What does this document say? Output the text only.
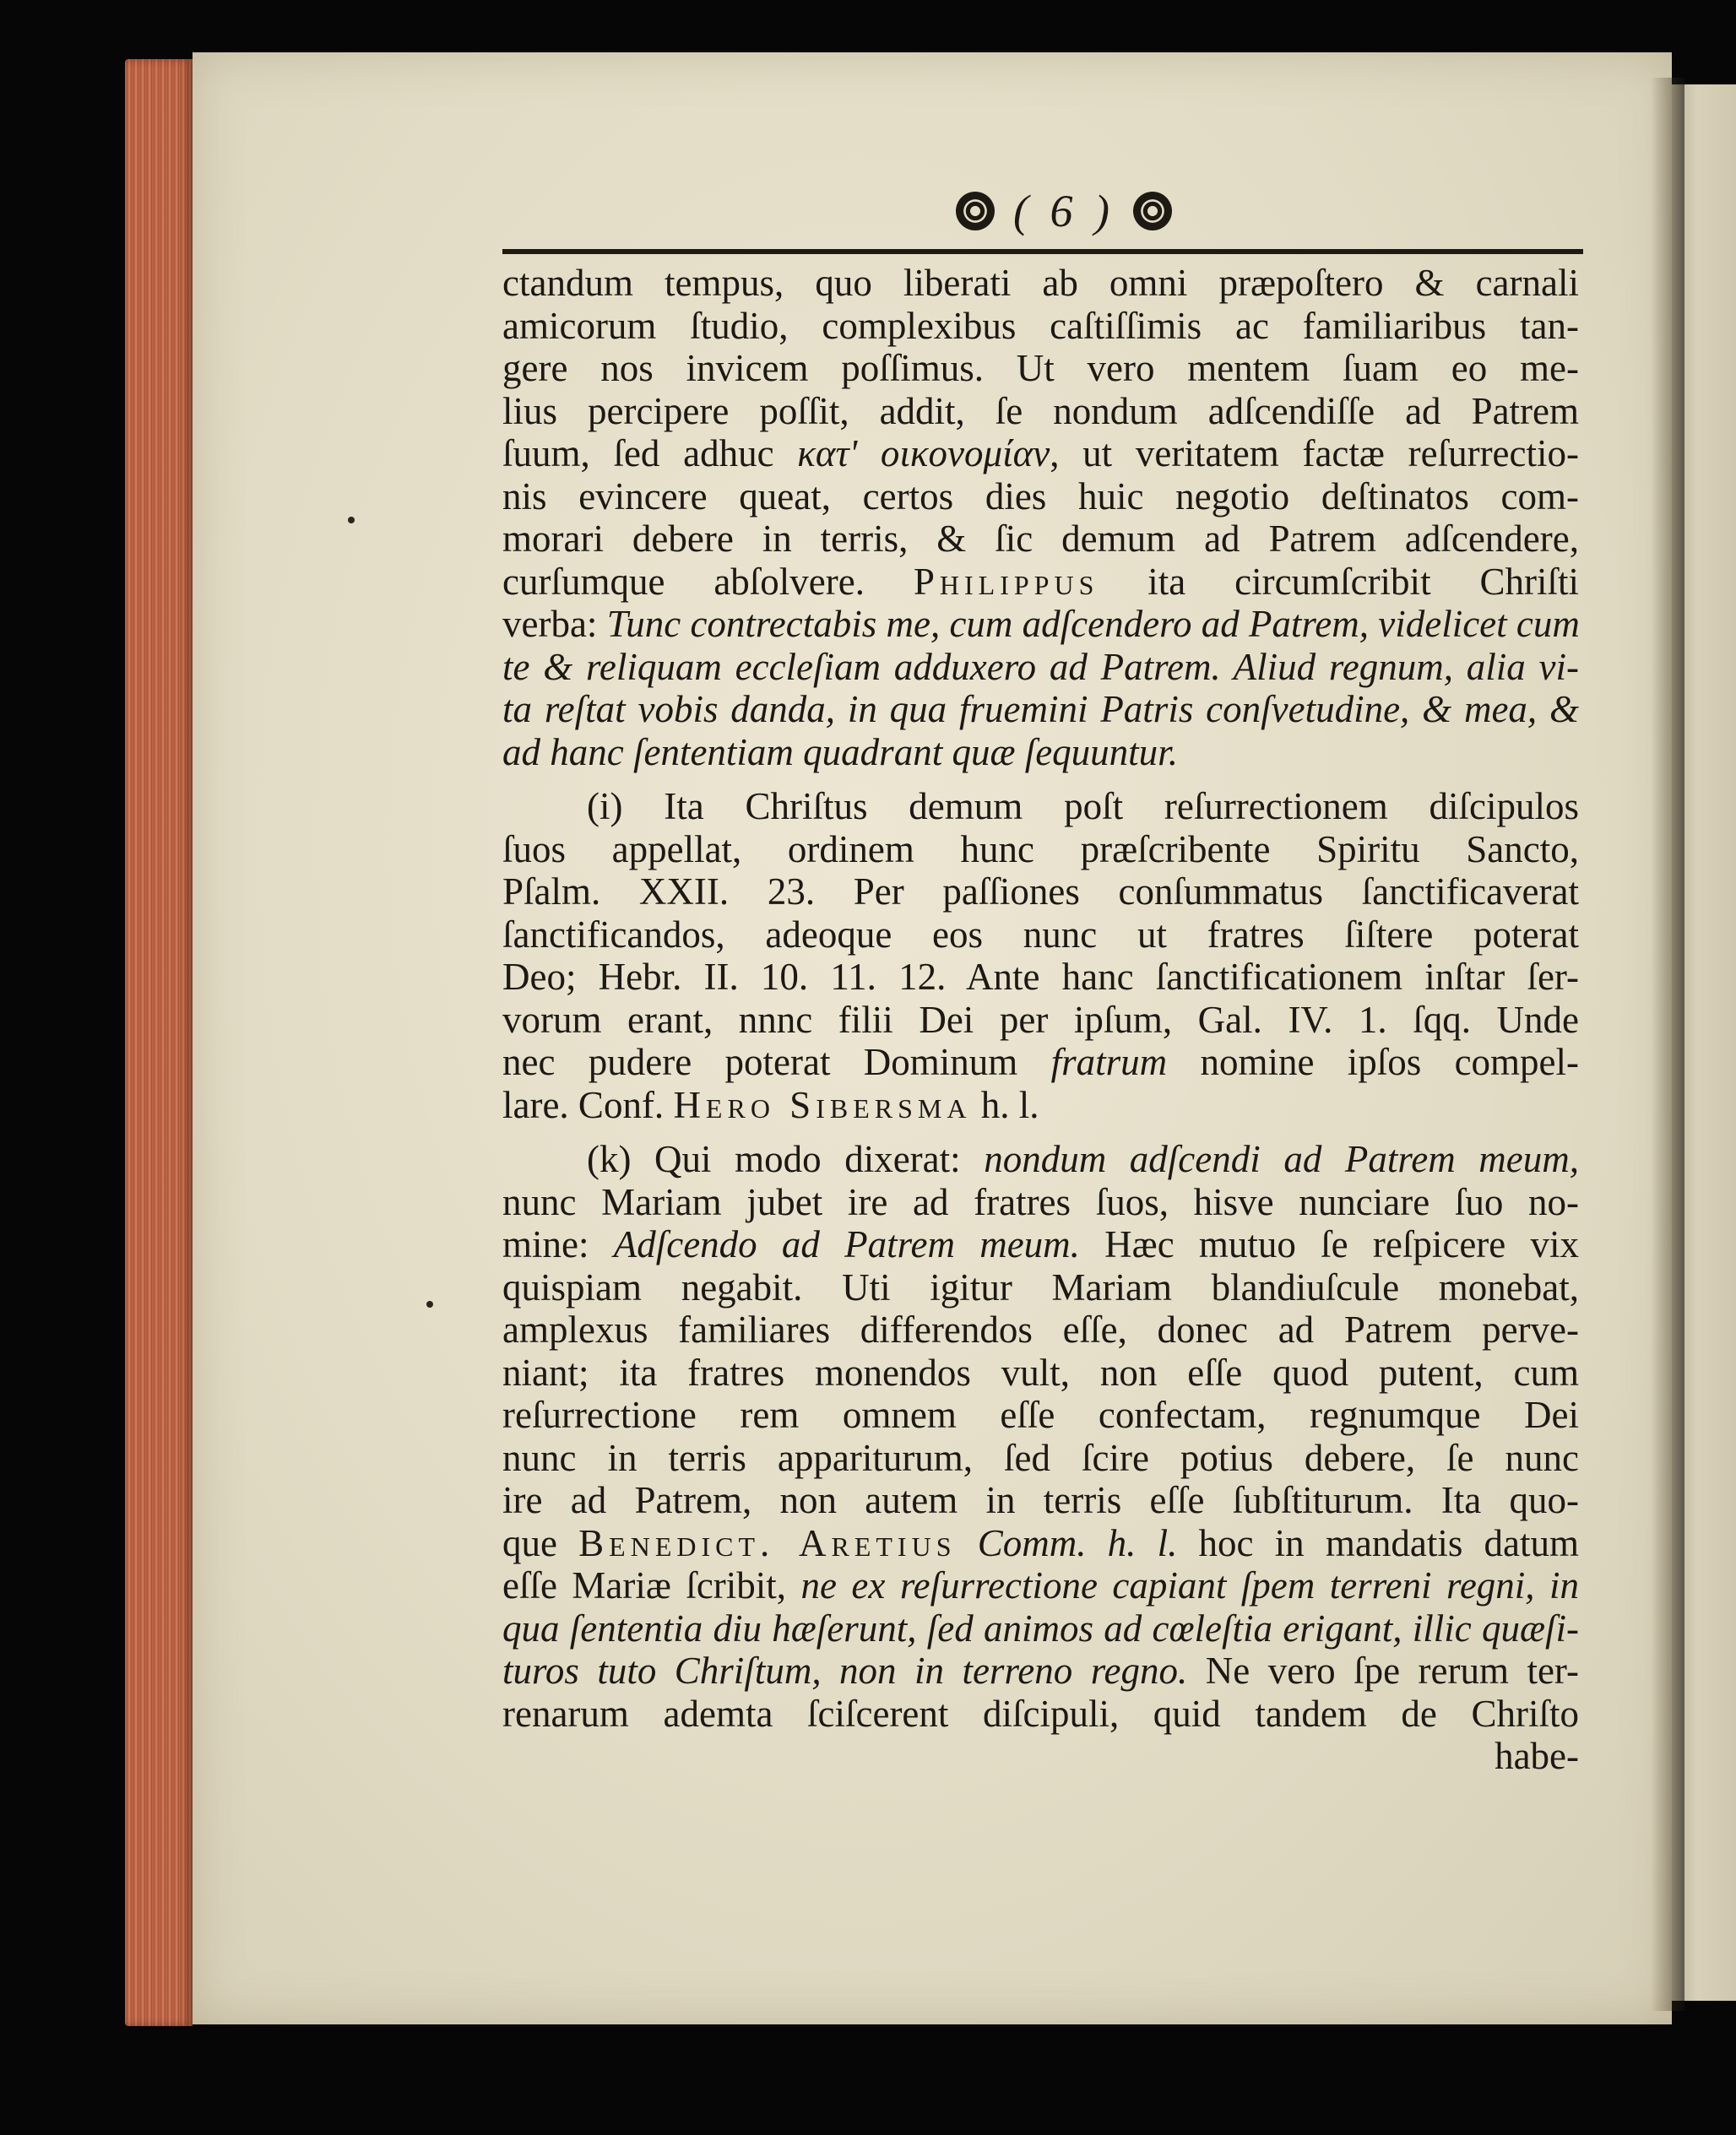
( 6 )
ctandum tempus, quo liberati ab omni præpoſtero & carnali
amicorum ſtudio, complexibus caſtiſſimis ac familiaribus tan-
gere nos invicem poſſimus. Ut vero mentem ſuam eo me-
lius percipere poſſit, addit, ſe nondum adſcendiſſe ad Patrem
ſuum, ſed adhuc κατ' οικονομίαν, ut veritatem factæ reſurrectio-
nis evincere queat, certos dies huic negotio deſtinatos com-
morari debere in terris, & ſic demum ad Patrem adſcendere,
curſumque abſolvere. Philippus ita circumſcribit Chriſti
verba: Tunc contrectabis me, cum adſcendero ad Patrem, videlicet cum
te & reliquam eccleſiam adduxero ad Patrem. Aliud regnum, alia vi-
ta reſtat vobis danda, in qua fruemini Patris conſvetudine, & mea, &
ad hanc ſententiam quadrant quæ ſequuntur.
(i) Ita Chriſtus demum poſt reſurrectionem diſcipulos
ſuos appellat, ordinem hunc præſcribente Spiritu Sancto,
Pſalm. XXII. 23. Per paſſiones conſummatus ſanctificaverat
ſanctificandos, adeoque eos nunc ut fratres ſiſtere poterat
Deo; Hebr. II. 10. 11. 12. Ante hanc ſanctificationem inſtar ſer-
vorum erant, nnnc filii Dei per ipſum, Gal. IV. 1. ſqq. Unde
nec pudere poterat Dominum fratrum nomine ipſos compel-
lare. Conf. Hero Sibersma h. l.
(k) Qui modo dixerat: nondum adſcendi ad Patrem meum,
nunc Mariam jubet ire ad fratres ſuos, hisve nunciare ſuo no-
mine: Adſcendo ad Patrem meum. Hæc mutuo ſe reſpicere vix
quispiam negabit. Uti igitur Mariam blandiuſcule monebat,
amplexus familiares differendos eſſe, donec ad Patrem perve-
niant; ita fratres monendos vult, non eſſe quod putent, cum
reſurrectione rem omnem eſſe confectam, regnumque Dei
nunc in terris appariturum, ſed ſcire potius debere, ſe nunc
ire ad Patrem, non autem in terris eſſe ſubſtiturum. Ita quo-
que Benedict. Aretius Comm. h. l. hoc in mandatis datum
eſſe Mariæ ſcribit, ne ex reſurrectione capiant ſpem terreni regni, in
qua ſententia diu hæſerunt, ſed animos ad cœleſtia erigant, illic quæſi-
turos tuto Chriſtum, non in terreno regno. Ne vero ſpe rerum ter-
renarum ademta ſciſcerent diſcipuli, quid tandem de Chriſto
habe-
